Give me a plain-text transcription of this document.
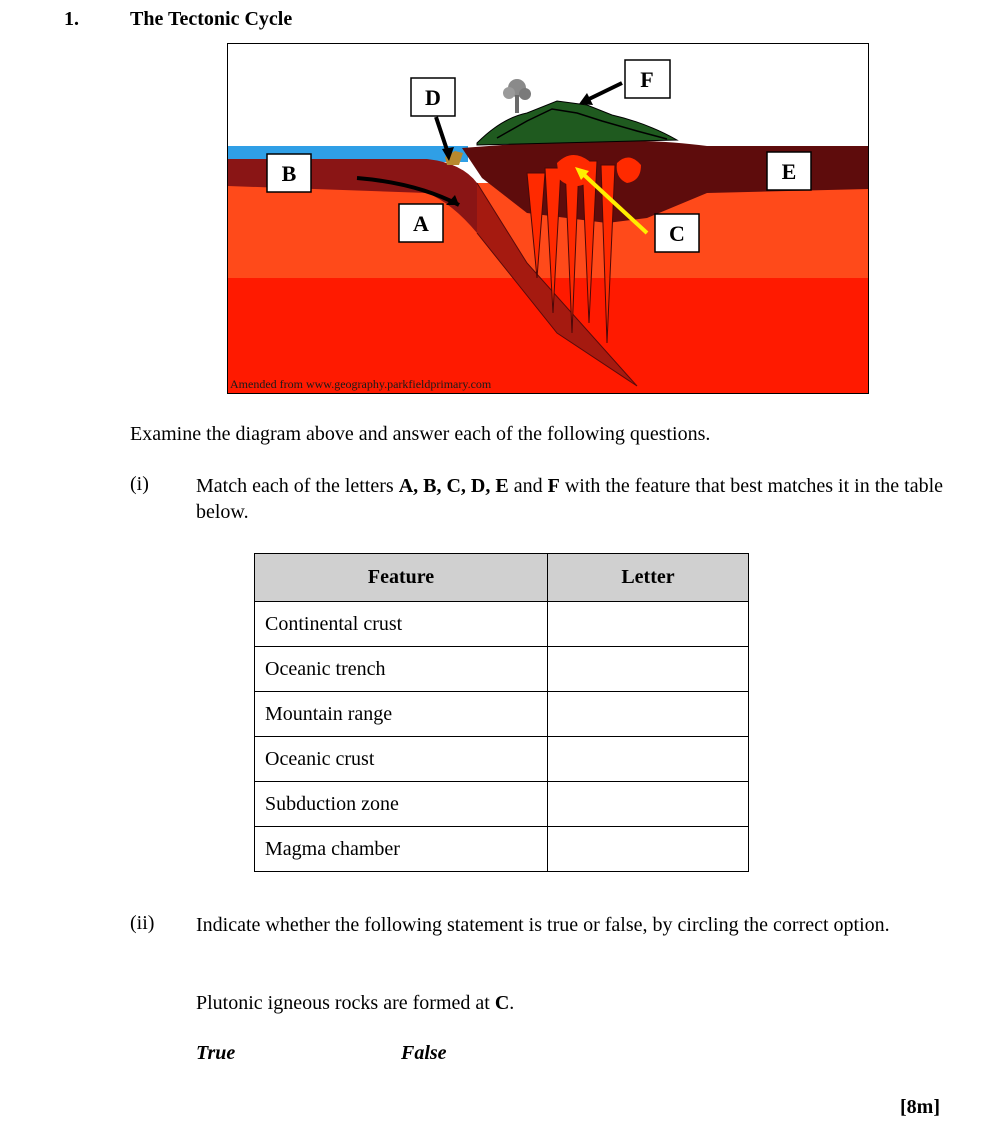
1.	The Tectonic Cycle
D
F
B	E
A	C
Amended from www.geography.parkfieldprimary.com
Examine the diagram above and answer each of the following questions.
(i) Match each of the letters A, B, C, D, E and F with the feature that best matches it in the table below.
Feature	Letter
Continental crust	
Oceanic trench	
Mountain range	
Oceanic crust	
Subduction zone	
Magma chamber	
(ii) Indicate whether the following statement is true or false, by circling the correct option.
Plutonic igneous rocks are formed at C.
True	False
[8m]
